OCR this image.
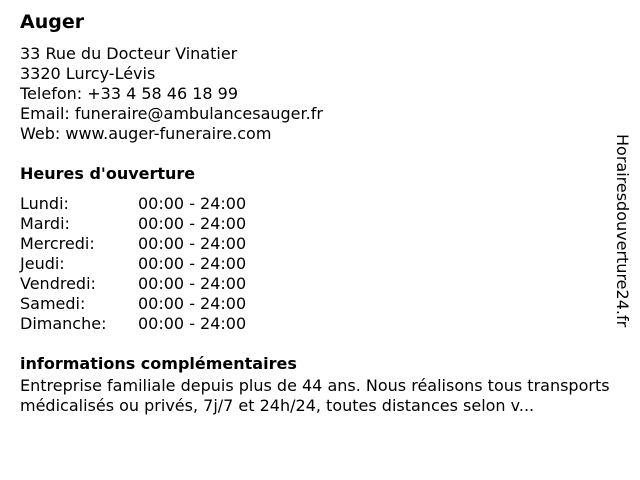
Auger
33 Rue du Docteur Vinatier
3320 Lurcy-Lévis
Telefon: +33 4 58 46 18 99
Email: funeraire@ambulancesauger.fr
Web: www.auger-funeraire.com
Heures d'ouverture
Lundi:	00:00 - 24:00
Mardi:	00:00 - 24:00
Mercredi:	00:00 - 24:00
Jeudi:	00:00 - 24:00
Vendredi:	00:00 - 24:00
Samedi:	00:00 - 24:00
Dimanche:	00:00 - 24:00
informations complémentaires
Entreprise familiale depuis plus de 44 ans. Nous réalisons tous transports médicalisés ou privés, 7j/7 et 24h/24, toutes distances selon v...
Horairesdouverture24.fr
